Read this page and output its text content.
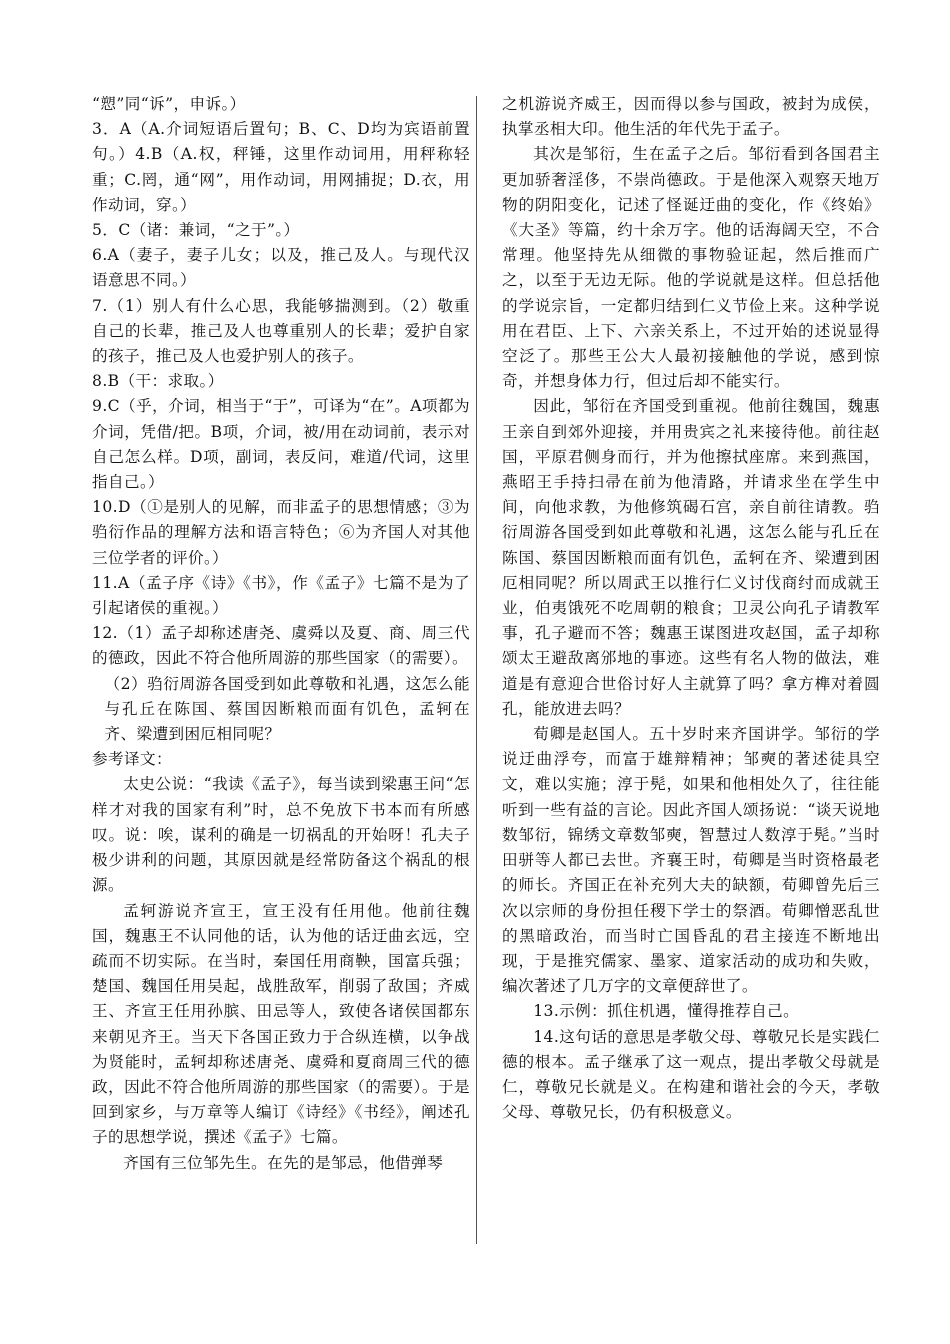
“愬”同“诉”，申诉。）

3．A（A.介词短语后置句；B、C、D均为宾语前置句。）4.B（A.权，秤锤，这里作动词用，用秤称轻重；C.罔，通“网”，用作动词，用网捕捉；D.衣，用作动词，穿。）

5．C（诸：兼词，“之于”。）

6.A（妻子，妻子儿女；以及，推己及人。与现代汉语意思不同。）

7.（1）别人有什么心思，我能够揣测到。（2）敬重自己的长辈，推己及人也尊重别人的长辈；爱护自家的孩子，推己及人也爱护别人的孩子。

8.B（干：求取。）

9.C（乎，介词，相当于“于”，可译为“在”。A项都为介词，凭借/把。B项，介词，被/用在动词前，表示对自己怎么样。D项，副词，表反问，难道/代词，这里指自己。）

10.D（①是别人的见解，而非孟子的思想情感；③为驺衍作品的理解方法和语言特色；⑥为齐国人对其他三位学者的评价。）

11.A（孟子序《诗》《书》，作《孟子》七篇不是为了引起诸侯的重视。）

12.（1）孟子却称述唐尧、虞舜以及夏、商、周三代的德政，因此不符合他所周游的那些国家（的需要）。

（2）驺衍周游各国受到如此尊敬和礼遇，这怎么能与孔丘在陈国、蔡国因断粮而面有饥色，孟轲在齐、梁遭到困厄相同呢？

参考译文：

太史公说：“我读《孟子》，每当读到梁惠王问“怎样才对我的国家有利”时，总不免放下书本而有所感叹。说：唉，谋利的确是一切祸乱的开始呀！孔夫子极少讲利的问题，其原因就是经常防备这个祸乱的根源。

孟轲游说齐宣王，宣王没有任用他。他前往魏国，魏惠王不认同他的话，认为他的话迂曲玄远，空疏而不切实际。在当时，秦国任用商鞅，国富兵强；楚国、魏国任用吴起，战胜敌军，削弱了敌国；齐威王、齐宣王任用孙膑、田忌等人，致使各诸侯国都东来朝见齐王。当天下各国正致力于合纵连横，以争战为贤能时，孟轲却称述唐尧、虞舜和夏商周三代的德政，因此不符合他所周游的那些国家（的需要）。于是回到家乡，与万章等人编订《诗经》《书经》，阐述孔子的思想学说，撰述《孟子》七篇。

齐国有三位邹先生。在先的是邹忌，他借弹琴

之机游说齐威王，因而得以参与国政，被封为成侯，执掌丞相大印。他生活的年代先于孟子。

其次是邹衍，生在孟子之后。邹衍看到各国君主更加骄奢淫侈，不崇尚德政。于是他深入观察天地万物的阴阳变化，记述了怪诞迂曲的变化，作《终始》《大圣》等篇，约十余万字。他的话海阔天空，不合常理。他坚持先从细微的事物验证起，然后推而广之，以至于无边无际。他的学说就是这样。但总括他的学说宗旨，一定都归结到仁义节俭上来。这种学说用在君臣、上下、六亲关系上，不过开始的述说显得空泛了。那些王公大人最初接触他的学说，感到惊奇，并想身体力行，但过后却不能实行。

因此，邹衍在齐国受到重视。他前往魏国，魏惠王亲自到郊外迎接，并用贵宾之礼来接待他。前往赵国，平原君侧身而行，并为他擦拭座席。来到燕国，燕昭王手持扫帚在前为他清路，并请求坐在学生中间，向他求教，为他修筑碣石宫，亲自前往请教。驺衍周游各国受到如此尊敬和礼遇，这怎么能与孔丘在陈国、蔡国因断粮而面有饥色，孟轲在齐、梁遭到困厄相同呢？所以周武王以推行仁义讨伐商纣而成就王业，伯夷饿死不吃周朝的粮食；卫灵公向孔子请教军事，孔子避而不答；魏惠王谋图进攻赵国，孟子却称颂太王避敌离邠地的事迹。这些有名人物的做法，难道是有意迎合世俗讨好人主就算了吗？拿方榫对着圆孔，能放进去吗？

荀卿是赵国人。五十岁时来齐国讲学。邹衍的学说迂曲浮夸，而富于雄辩精神；邹奭的著述徒具空文，难以实施；淳于髡，如果和他相处久了，往往能听到一些有益的言论。因此齐国人颂扬说：“谈天说地数邹衍，锦绣文章数邹奭，智慧过人数淳于髡。”当时田骈等人都已去世。齐襄王时，荀卿是当时资格最老的师长。齐国正在补充列大夫的缺额，荀卿曾先后三次以宗师的身份担任稷下学士的祭酒。荀卿憎恶乱世的黑暗政治，而当时亡国昏乱的君主接连不断地出现，于是推究儒家、墨家、道家活动的成功和失败，编次著述了几万字的文章便辞世了。

13.示例：抓住机遇，懂得推荐自己。

14.这句话的意思是孝敬父母、尊敬兄长是实践仁德的根本。孟子继承了这一观点，提出孝敬父母就是仁，尊敬兄长就是义。在构建和谐社会的今天，孝敬父母、尊敬兄长，仍有积极意义。
